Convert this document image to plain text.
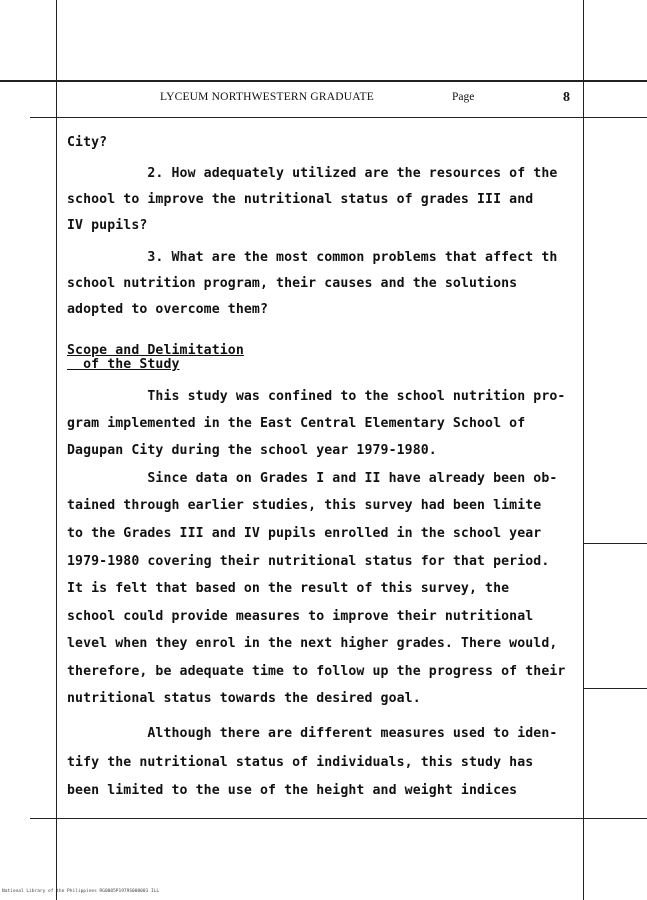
LYCEUM NORTHWESTERN GRADUATE	Page	8
City?
2. How adequately utilized are the resources of the
school to improve the nutritional status of grades III and
IV pupils?
3. What are the most common problems that affect th
school nutrition program, their causes and the solutions
adopted to overcome them?
Scope and Delimitation
of the Study
This study was confined to the school nutrition pro-
gram implemented in the East Central Elementary School of
Dagupan City during the school year 1979-1980.
Since data on Grades I and II have already been ob-
tained through earlier studies, this survey had been limite
to the Grades III and IV pupils enrolled in the school year
1979-1980 covering their nutritional status for that period.
It is felt that based on the result of this survey, the
school could provide measures to improve their nutritional
level when they enrol in the next higher grades. There would,
therefore, be adequate time to follow up the progress of their
nutritional status towards the desired goal.
Although there are different measures used to iden-
tify the nutritional status of individuals, this study has
been limited to the use of the height and weight indices
National Library of the Philippines RG0005P1979S000001 ILL
